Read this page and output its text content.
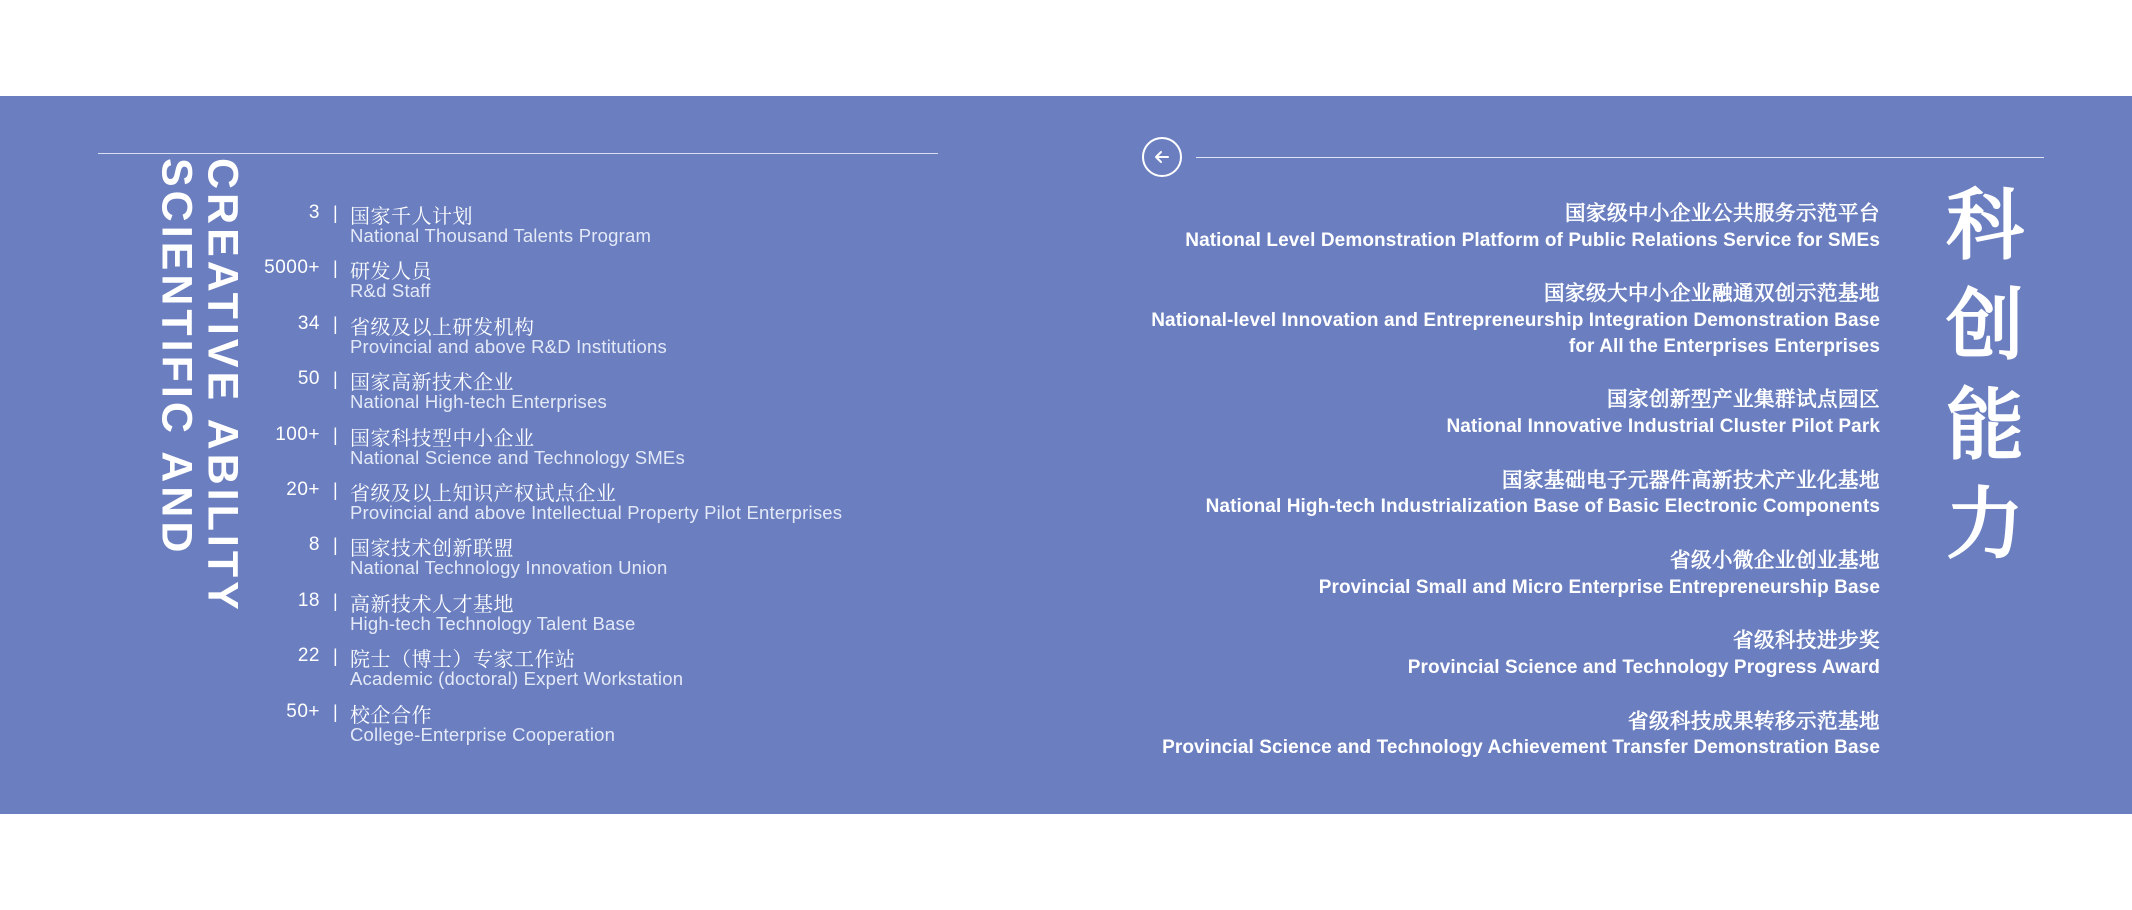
SCIENTIFIC AND
CREATIVE ABILITY	3 | 国家千人计划
National Thousand Talents Program
5000+ | 研发人员
R&d Staff
34 | 省级及以上研发机构
Provincial and above R&D Institutions
50 | 国家高新技术企业
National High-tech Enterprises
100+ | 国家科技型中小企业
National Science and Technology SMEs
20+ | 省级及以上知识产权试点企业
Provincial and above Intellectual Property Pilot Enterprises
8 | 国家技术创新联盟
National Technology Innovation Union
18 | 高新技术人才基地
High-tech Technology Talent Base
22 | 院士（博士）专家工作站
Academic (doctoral) Expert Workstation
50+ | 校企合作
College-Enterprise Cooperation
国家级中小企业公共服务示范平台
National Level Demonstration Platform of Public Relations Service for SMEs
国家级大中小企业融通双创示范基地
National-level Innovation and Entrepreneurship Integration Demonstration Base
for All the Enterprises Enterprises
国家创新型产业集群试点园区
National Innovative Industrial Cluster Pilot Park
国家基础电子元器件高新技术产业化基地
National High-tech Industrialization Base of Basic Electronic Components
省级小微企业创业基地
Provincial Small and Micro Enterprise Entrepreneurship Base
省级科技进步奖
Provincial Science and Technology Progress Award
省级科技成果转移示范基地
Provincial Science and Technology Achievement Transfer Demonstration Base
科
创
能
力
